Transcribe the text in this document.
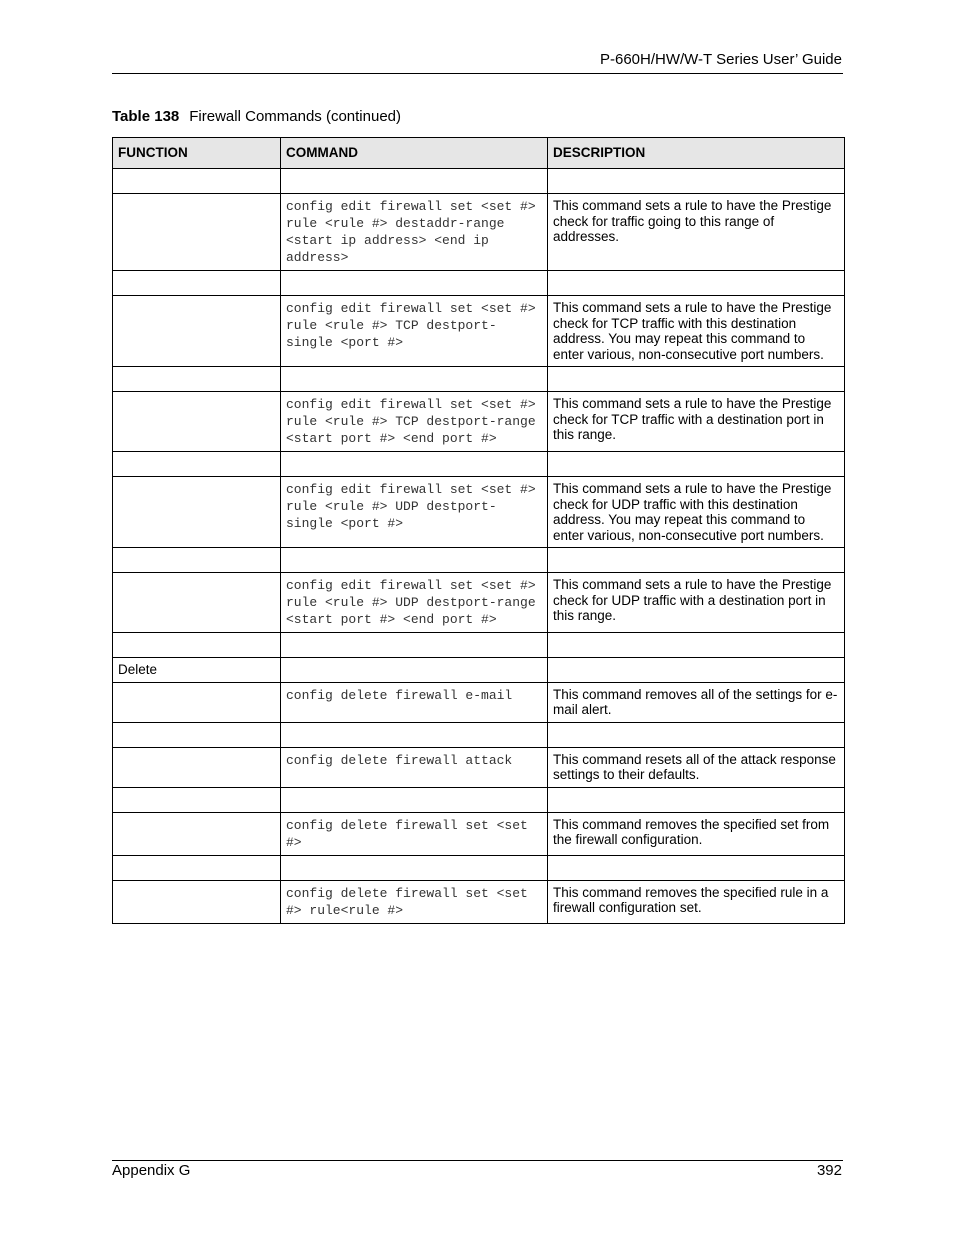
P-660H/HW/W-T Series User’ Guide
Table 138 Firewall Commands (continued)
FUNCTION	COMMAND	DESCRIPTION

	config edit firewall set <set #> rule <rule #> destaddr-range <start ip address> <end ip address>	This command sets a rule to have the Prestige check for traffic going to this range of addresses.

	config edit firewall set <set #> rule <rule #> TCP destport-single <port #>	This command sets a rule to have the Prestige check for TCP traffic with this destination address. You may repeat this command to enter various, non-consecutive port numbers.

	config edit firewall set <set #> rule <rule #> TCP destport-range <start port #> <end port #>	This command sets a rule to have the Prestige check for TCP traffic with a destination port in this range.

	config edit firewall set <set #> rule <rule #> UDP destport-single <port #>	This command sets a rule to have the Prestige check for UDP traffic with this destination address. You may repeat this command to enter various, non-consecutive port numbers.

	config edit firewall set <set #> rule <rule #> UDP destport-range <start port #> <end port #>	This command sets a rule to have the Prestige check for UDP traffic with a destination port in this range.

Delete		
	config delete firewall e-mail	This command removes all of the settings for e-mail alert.

	config delete firewall attack	This command resets all of the attack response settings to their defaults.

	config delete firewall set <set #>	This command removes the specified set from the firewall configuration.

	config delete firewall set <set #> rule<rule #>	This command removes the specified rule in a firewall configuration set.
Appendix G	392
